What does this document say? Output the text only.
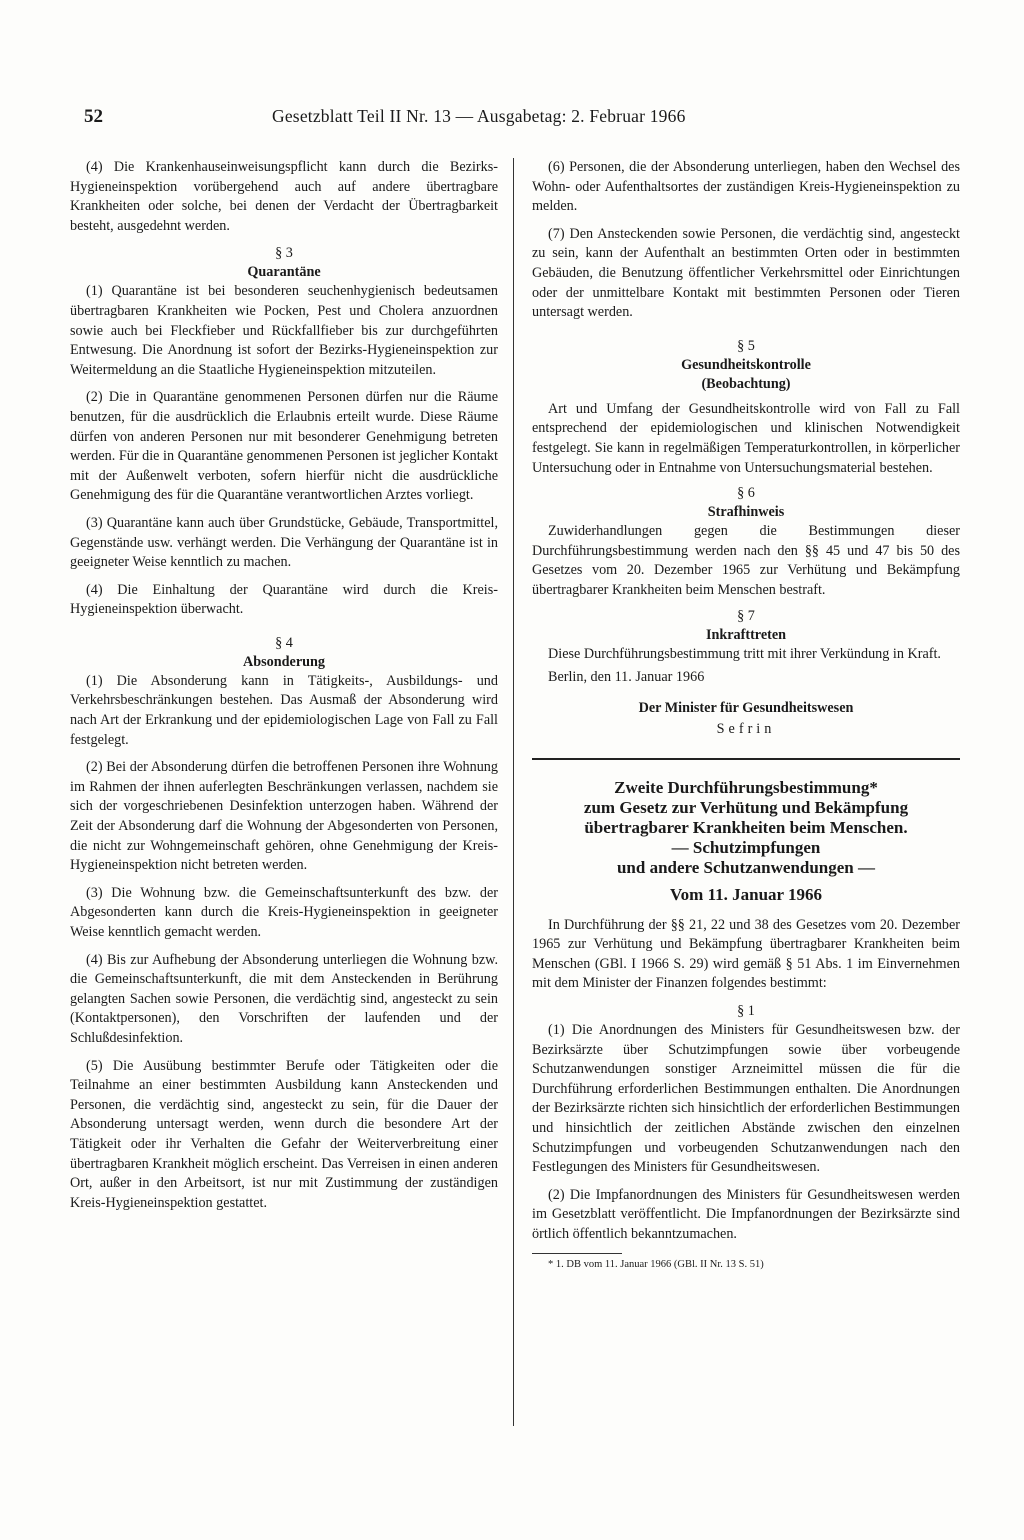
52	Gesetzblatt Teil II Nr. 13 — Ausgabetag: 2. Februar 1966

(4) Die Krankenhauseinweisungspflicht kann durch die Bezirks-Hygieneinspektion vorübergehend auch auf andere übertragbare Krankheiten oder solche, bei denen der Verdacht der Übertragbarkeit besteht, ausgedehnt werden.

§ 3
Quarantäne

(1) Quarantäne ist bei besonderen seuchenhygienisch bedeutsamen übertragbaren Krankheiten wie Pocken, Pest und Cholera anzuordnen sowie auch bei Fleckfieber und Rückfallfieber bis zur durchgeführten Entwesung. Die Anordnung ist sofort der Bezirks-Hygieneinspektion zur Weitermeldung an die Staatliche Hygieneinspektion mitzuteilen.

(2) Die in Quarantäne genommenen Personen dürfen nur die Räume benutzen, für die ausdrücklich die Erlaubnis erteilt wurde. Diese Räume dürfen von anderen Personen nur mit besonderer Genehmigung betreten werden. Für die in Quarantäne genommenen Personen ist jeglicher Kontakt mit der Außenwelt verboten, sofern hierfür nicht die ausdrückliche Genehmigung des für die Quarantäne verantwortlichen Arztes vorliegt.

(3) Quarantäne kann auch über Grundstücke, Gebäude, Transportmittel, Gegenstände usw. verhängt werden. Die Verhängung der Quarantäne ist in geeigneter Weise kenntlich zu machen.

(4) Die Einhaltung der Quarantäne wird durch die Kreis-Hygieneinspektion überwacht.

§ 4
Absonderung

(1) Die Absonderung kann in Tätigkeits-, Ausbildungs- und Verkehrsbeschränkungen bestehen. Das Ausmaß der Absonderung wird nach Art der Erkrankung und der epidemiologischen Lage von Fall zu Fall festgelegt.

(2) Bei der Absonderung dürfen die betroffenen Personen ihre Wohnung im Rahmen der ihnen auferlegten Beschränkungen verlassen, nachdem sie sich der vorgeschriebenen Desinfektion unterzogen haben. Während der Zeit der Absonderung darf die Wohnung der Abgesonderten von Personen, die nicht zur Wohngemeinschaft gehören, ohne Genehmigung der Kreis-Hygieneinspektion nicht betreten werden.

(3) Die Wohnung bzw. die Gemeinschaftsunterkunft des bzw. der Abgesonderten kann durch die Kreis-Hygieneinspektion in geeigneter Weise kenntlich gemacht werden.

(4) Bis zur Aufhebung der Absonderung unterliegen die Wohnung bzw. die Gemeinschaftsunterkunft, die mit dem Ansteckenden in Berührung gelangten Sachen sowie Personen, die verdächtig sind, angesteckt zu sein (Kontaktpersonen), den Vorschriften der laufenden und der Schlußdesinfektion.

(5) Die Ausübung bestimmter Berufe oder Tätigkeiten oder die Teilnahme an einer bestimmten Ausbildung kann Ansteckenden und Personen, die verdächtig sind, angesteckt zu sein, für die Dauer der Absonderung untersagt werden, wenn durch die besondere Art der Tätigkeit oder ihr Verhalten die Gefahr der Weiterverbreitung einer übertragbaren Krankheit möglich erscheint. Das Verreisen in einen anderen Ort, außer in den Arbeitsort, ist nur mit Zustimmung der zuständigen Kreis-Hygieneinspektion gestattet.

(6) Personen, die der Absonderung unterliegen, haben den Wechsel des Wohn- oder Aufenthaltsortes der zuständigen Kreis-Hygieneinspektion zu melden.

(7) Den Ansteckenden sowie Personen, die verdächtig sind, angesteckt zu sein, kann der Aufenthalt an bestimmten Orten oder in bestimmten Gebäuden, die Benutzung öffentlicher Verkehrsmittel oder Einrichtungen oder der unmittelbare Kontakt mit bestimmten Personen oder Tieren untersagt werden.

§ 5
Gesundheitskontrolle
(Beobachtung)

Art und Umfang der Gesundheitskontrolle wird von Fall zu Fall entsprechend der epidemiologischen und klinischen Notwendigkeit festgelegt. Sie kann in regelmäßigen Temperaturkontrollen, in körperlicher Untersuchung oder in Entnahme von Untersuchungsmaterial bestehen.

§ 6
Strafhinweis

Zuwiderhandlungen gegen die Bestimmungen dieser Durchführungsbestimmung werden nach den §§ 45 und 47 bis 50 des Gesetzes vom 20. Dezember 1965 zur Verhütung und Bekämpfung übertragbarer Krankheiten beim Menschen bestraft.

§ 7
Inkrafttreten

Diese Durchführungsbestimmung tritt mit ihrer Verkündung in Kraft.

Berlin, den 11. Januar 1966

Der Minister für Gesundheitswesen
Sefrin
Zweite Durchführungsbestimmung*
zum Gesetz zur Verhütung und Bekämpfung
übertragbarer Krankheiten beim Menschen.
— Schutzimpfungen
und andere Schutzanwendungen —
Vom 11. Januar 1966

In Durchführung der §§ 21, 22 und 38 des Gesetzes vom 20. Dezember 1965 zur Verhütung und Bekämpfung übertragbarer Krankheiten beim Menschen (GBl. I 1966 S. 29) wird gemäß § 51 Abs. 1 im Einvernehmen mit dem Minister der Finanzen folgendes bestimmt:

§ 1

(1) Die Anordnungen des Ministers für Gesundheitswesen bzw. der Bezirksärzte über Schutzimpfungen sowie über vorbeugende Schutzanwendungen sonstiger Arzneimittel müssen die für die Durchführung erforderlichen Bestimmungen enthalten. Die Anordnungen der Bezirksärzte richten sich hinsichtlich der erforderlichen Bestimmungen und hinsichtlich der zeitlichen Abstände zwischen den einzelnen Schutzimpfungen und vorbeugenden Schutzanwendungen nach den Festlegungen des Ministers für Gesundheitswesen.

(2) Die Impfanordnungen des Ministers für Gesundheitswesen werden im Gesetzblatt veröffentlicht. Die Impfanordnungen der Bezirksärzte sind örtlich öffentlich bekanntzumachen.

* 1. DB vom 11. Januar 1966 (GBl. II Nr. 13 S. 51)
